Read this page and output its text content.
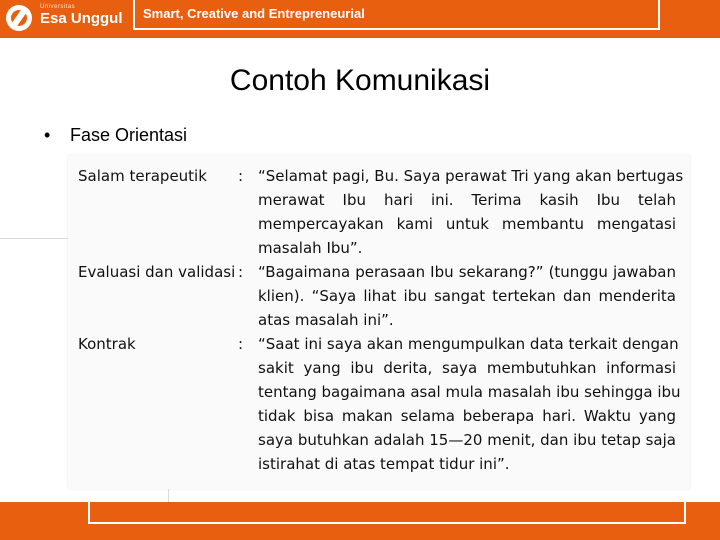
Universitas
Esa Unggul Smart, Creative and Entrepreneurial
Contoh Komunikasi
• Fase Orientasi
Salam terapeutik : “Selamat pagi, Bu. Saya perawat Tri yang akan bertugas
merawat Ibu hari ini. Terima kasih Ibu telah
mempercayakan kami untuk membantu mengatasi
masalah Ibu”.
Evaluasi dan validasi : “Bagaimana perasaan Ibu sekarang?” (tunggu jawaban
klien). “Saya lihat ibu sangat tertekan dan menderita
atas masalah ini”.
Kontrak	: “Saat ini saya akan mengumpulkan data terkait dengan
sakit yang ibu derita, saya membutuhkan informasi
tentang bagaimana asal mula masalah ibu sehingga ibu
tidak bisa makan selama beberapa hari. Waktu yang
saya butuhkan adalah 15—20 menit, dan ibu tetap saja
istirahat di atas tempat tidur ini”.
